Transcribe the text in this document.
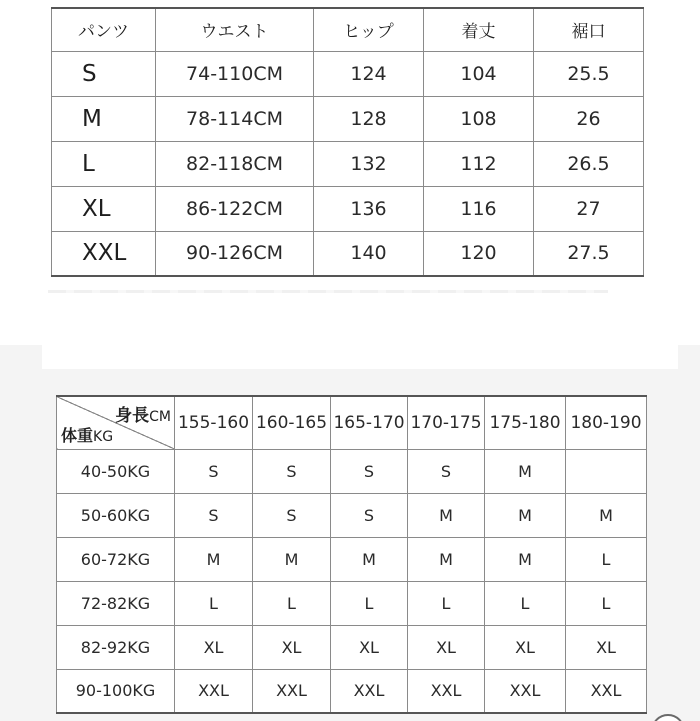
パンツ	ウエスト	ヒップ	着丈	裾口
S	74-110CM	124	104	25.5
M	78-114CM	128	108	26
L	82-118CM	132	112	26.5
XL	86-122CM	136	116	27
XXL	90-126CM	140	120	27.5
身長CM
体重KG	155-160	160-165	165-170	170-175	175-180	180-190
40-50KG	S	S	S	S	M	
50-60KG	S	S	S	M	M	M
60-72KG	M	M	M	M	M	L
72-82KG	L	L	L	L	L	L
82-92KG	XL	XL	XL	XL	XL	XL
90-100KG	XXL	XXL	XXL	XXL	XXL	XXL
